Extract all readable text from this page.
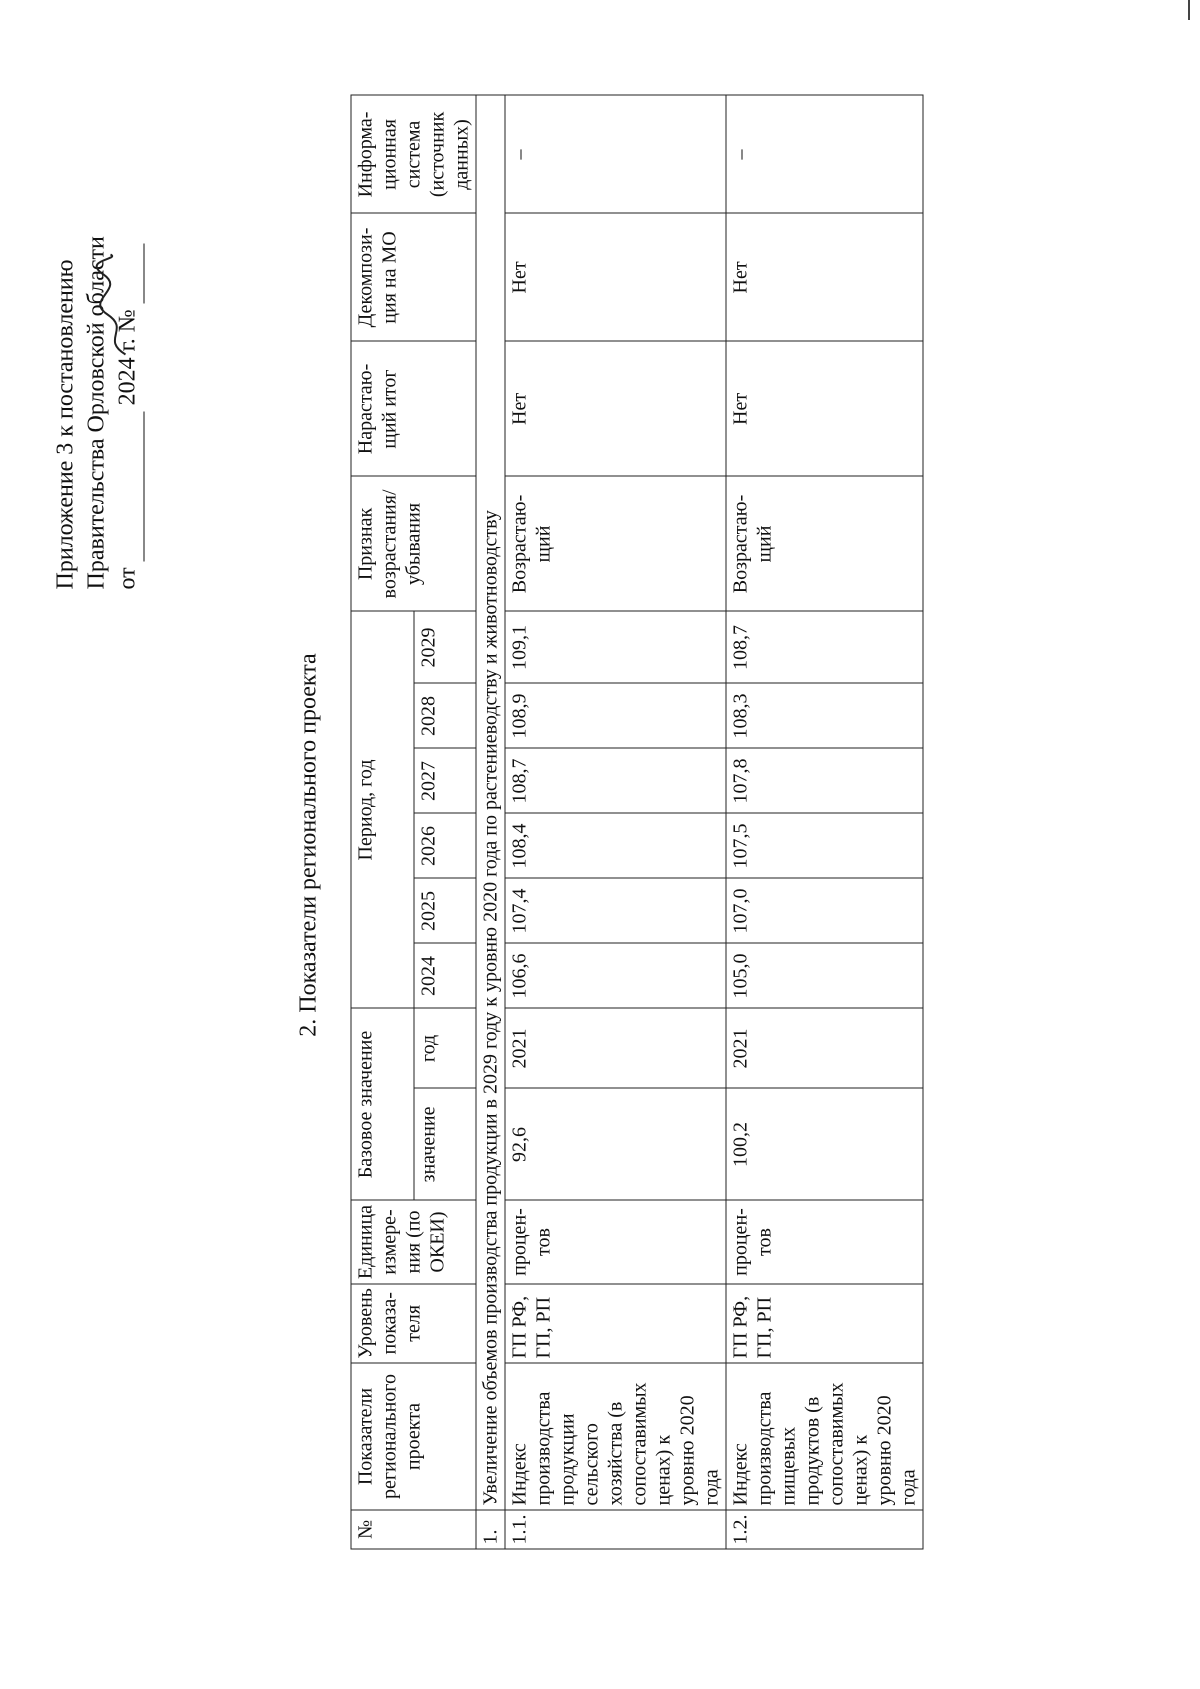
Приложение 3 к постановлению Правительства Орловской области от   2024 г. №
2. Показатели регионального проекта
№	Показатели регионального проекта	Уровень показа-теля	Единица измере-ния (по ОКЕИ)	Базовое значение		Период, год						Признак возрастания/ убывания	Нарастаю-щий итог	Декомпози-ция на МО	Информа-ционная система (источник данных)
				значение	год	2024	2025	2026	2027	2028	2029				
1.	Увеличение объемов производства продукции в 2029 году к уровню 2020 года по растениеводству и животноводству														
1.1.	Индекс производства продукции сельского хозяйства (в сопоставимых ценах) к уровню 2020 года	ГП РФ, ГП, РП	процен-тов	92,6	2021	106,6	107,4	108,4	108,7	108,9	109,1	Возрастаю-щий	Нет	Нет	–
1.2.	Индекс производства пищевых продуктов (в сопоставимых ценах) к уровню 2020 года	ГП РФ, ГП, РП	процен-тов	100,2	2021	105,0	107,0	107,5	107,8	108,3	108,7	Возрастаю-щий	Нет	Нет	–
